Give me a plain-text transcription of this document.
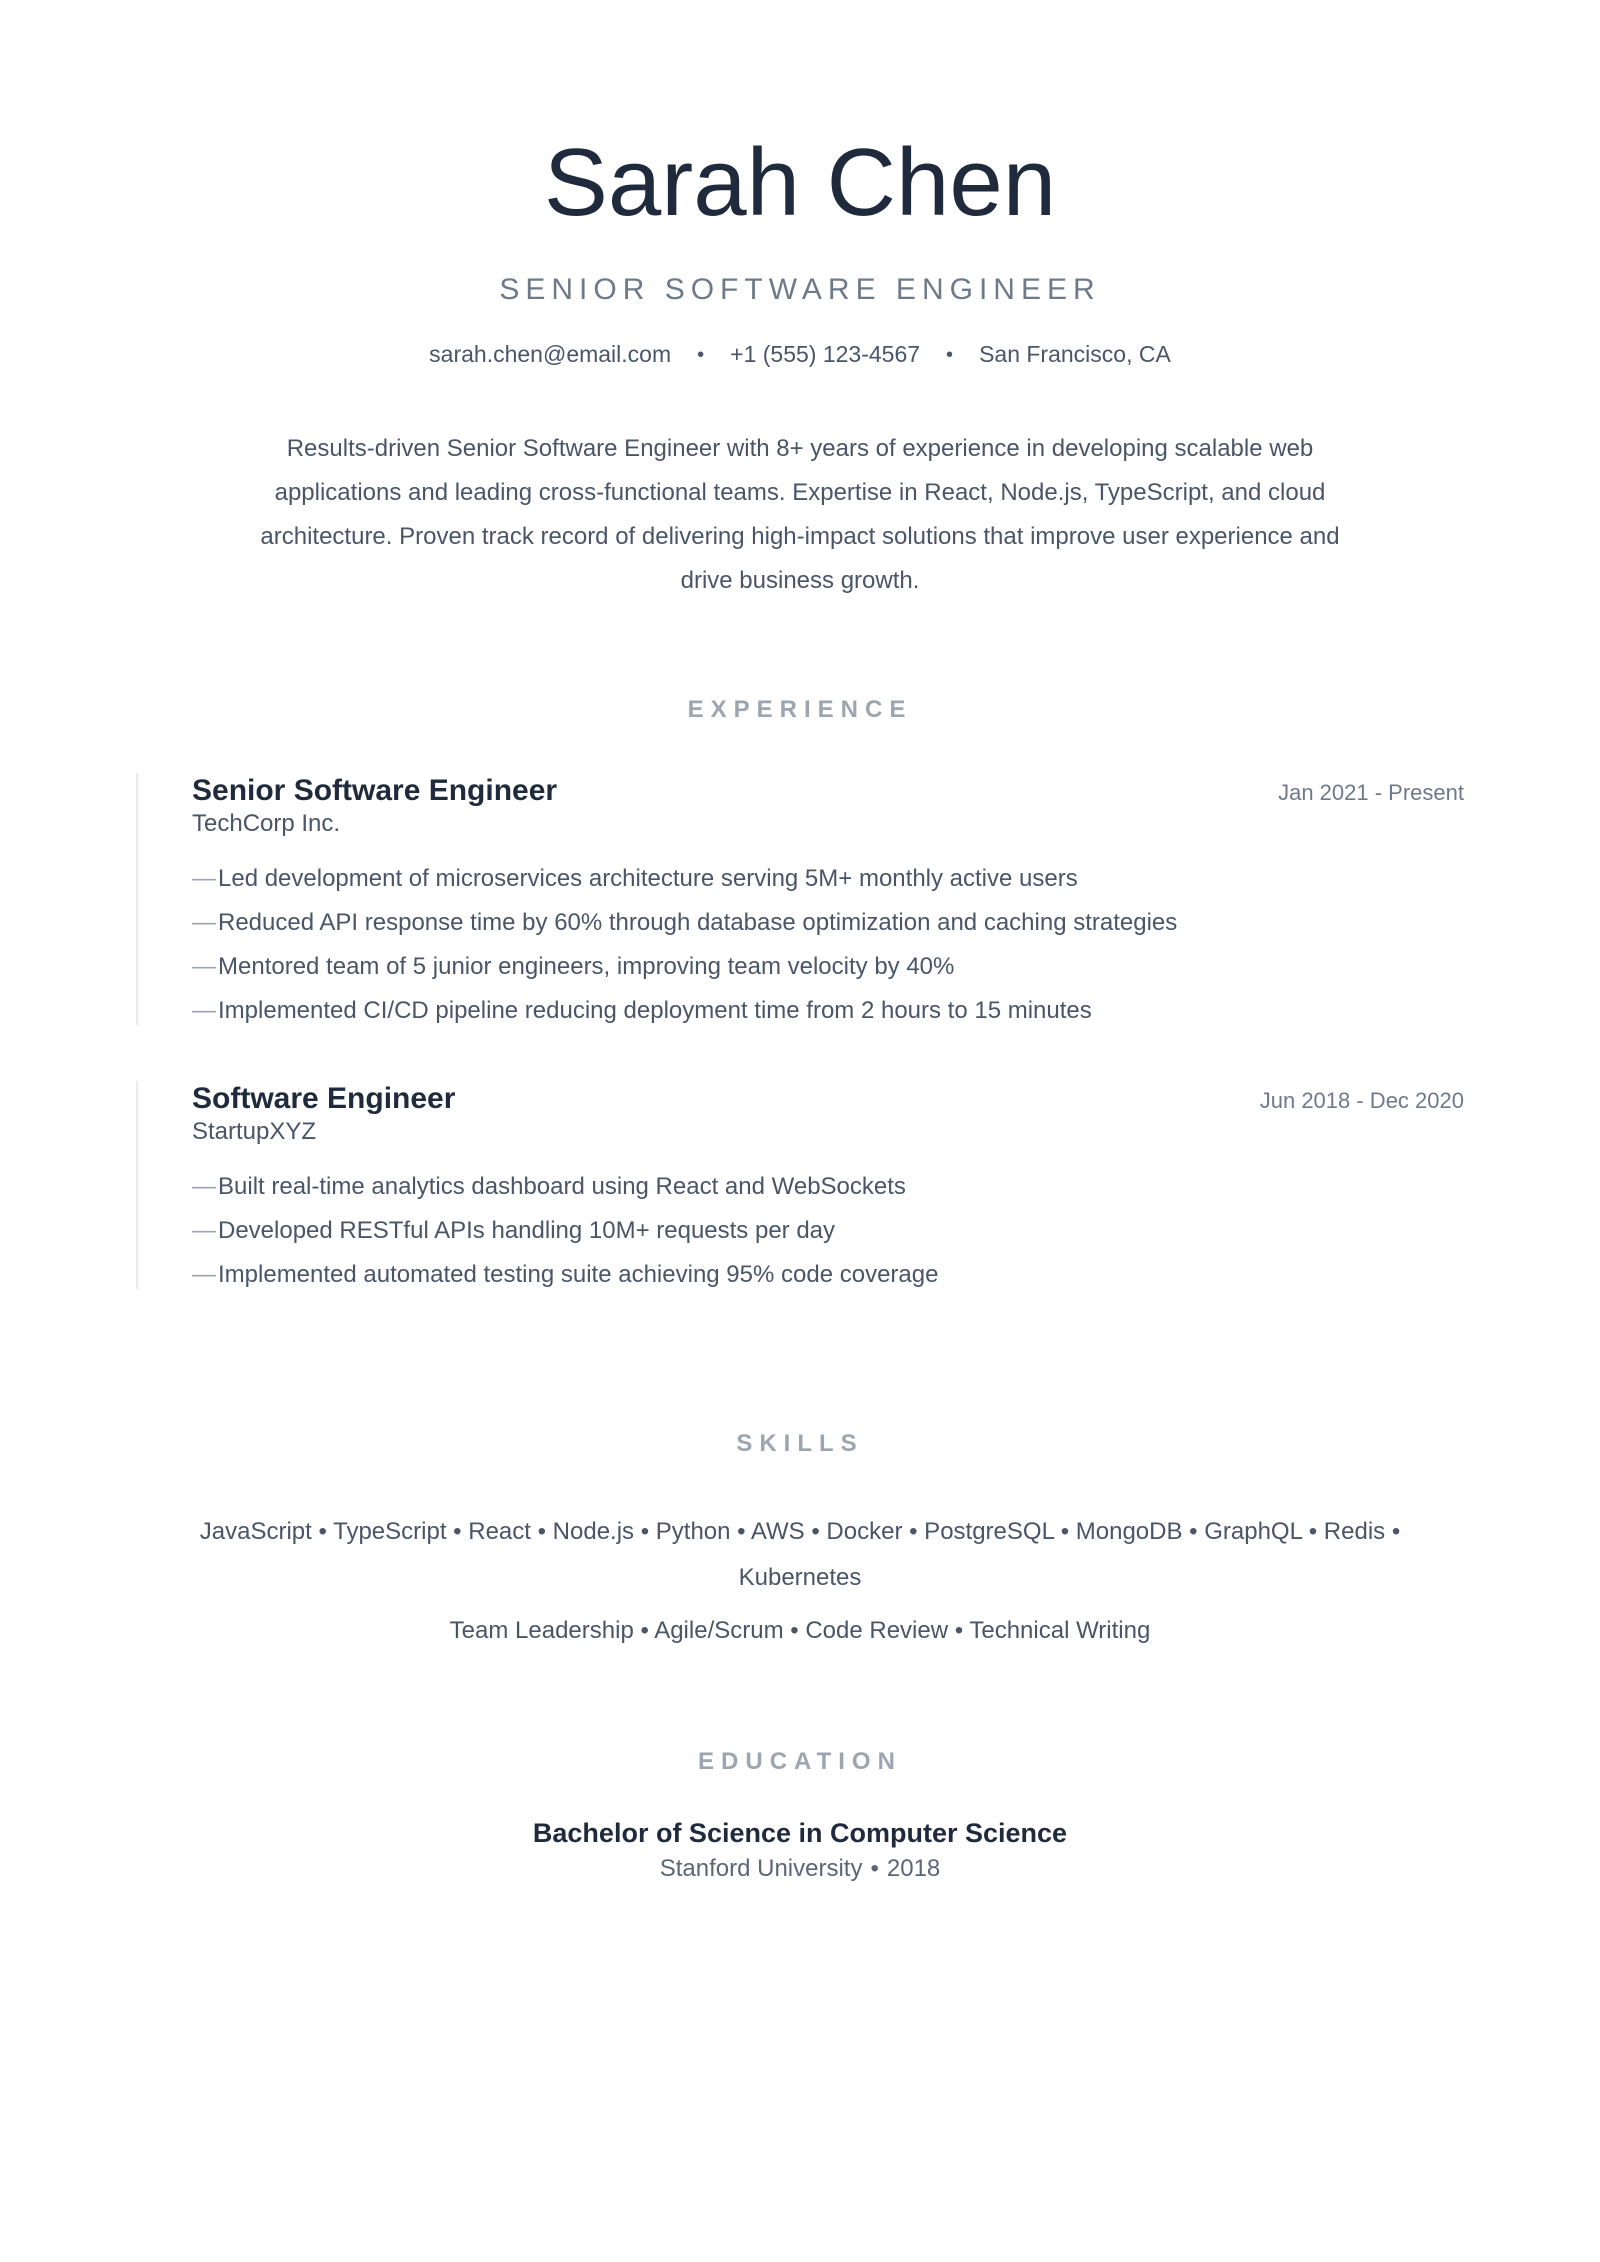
Sarah Chen
SENIOR SOFTWARE ENGINEER
sarah.chen@email.com • +1 (555) 123-4567 • San Francisco, CA

Results-driven Senior Software Engineer with 8+ years of experience in developing scalable web applications and leading cross-functional teams. Expertise in React, Node.js, TypeScript, and cloud architecture. Proven track record of delivering high-impact solutions that improve user experience and drive business growth.

EXPERIENCE
Senior Software Engineer
TechCorp Inc.
Jan 2021 - Present
—Led development of microservices architecture serving 5M+ monthly active users
—Reduced API response time by 60% through database optimization and caching strategies
—Mentored team of 5 junior engineers, improving team velocity by 40%
—Implemented CI/CD pipeline reducing deployment time from 2 hours to 15 minutes
Software Engineer
StartupXYZ
Jun 2018 - Dec 2020
—Built real-time analytics dashboard using React and WebSockets
—Developed RESTful APIs handling 10M+ requests per day
—Implemented automated testing suite achieving 95% code coverage
SKILLS

JavaScript • TypeScript • React • Node.js • Python • AWS • Docker • PostgreSQL • MongoDB • GraphQL • Redis • Kubernetes

Team Leadership • Agile/Scrum • Code Review • Technical Writing

EDUCATION
Bachelor of Science in Computer Science
Stanford University • 2018
